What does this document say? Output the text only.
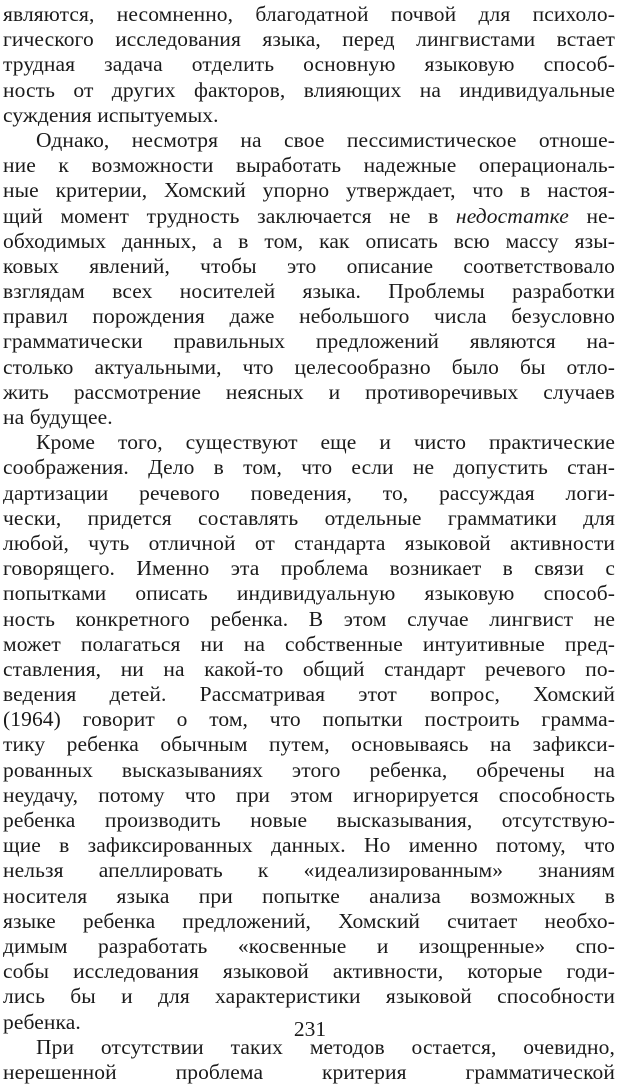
являются, несомненно, благодатной почвой для психоло-
гического исследования языка, перед лингвистами встает
трудная задача отделить основную языковую способ-
ность от других факторов, влияющих на индивидуальные
суждения испытуемых.
Однако, несмотря на свое пессимистическое отноше-
ние к возможности выработать надежные операциональ-
ные критерии, Хомский упорно утверждает, что в настоя-
щий момент трудность заключается не в недостатке не-
обходимых данных, а в том, как описать всю массу язы-
ковых явлений, чтобы это описание соответствовало
взглядам всех носителей языка. Проблемы разработки
правил порождения даже небольшого числа безусловно
грамматически правильных предложений являются на-
столько актуальными, что целесообразно было бы отло-
жить рассмотрение неясных и противоречивых случаев
на будущее.
Кроме того, существуют еще и чисто практические
соображения. Дело в том, что если не допустить стан-
дартизации речевого поведения, то, рассуждая логи-
чески, придется составлять отдельные грамматики для
любой, чуть отличной от стандарта языковой активности
говорящего. Именно эта проблема возникает в связи с
попытками описать индивидуальную языковую способ-
ность конкретного ребенка. В этом случае лингвист не
может полагаться ни на собственные интуитивные пред-
ставления, ни на какой-то общий стандарт речевого по-
ведения детей. Рассматривая этот вопрос, Хомский
(1964) говорит о том, что попытки построить грамма-
тику ребенка обычным путем, основываясь на зафикси-
рованных высказываниях этого ребенка, обречены на
неудачу, потому что при этом игнорируется способность
ребенка производить новые высказывания, отсутствую-
щие в зафиксированных данных. Но именно потому, что
нельзя апеллировать к «идеализированным» знаниям
носителя языка при попытке анализа возможных в
языке ребенка предложений, Хомский считает необхо-
димым разработать «косвенные и изощренные» спо-
собы исследования языковой активности, которые годи-
лись бы и для характеристики языковой способности
ребенка.
При отсутствии таких методов остается, очевидно,
нерешенной проблема критерия грамматической
231
